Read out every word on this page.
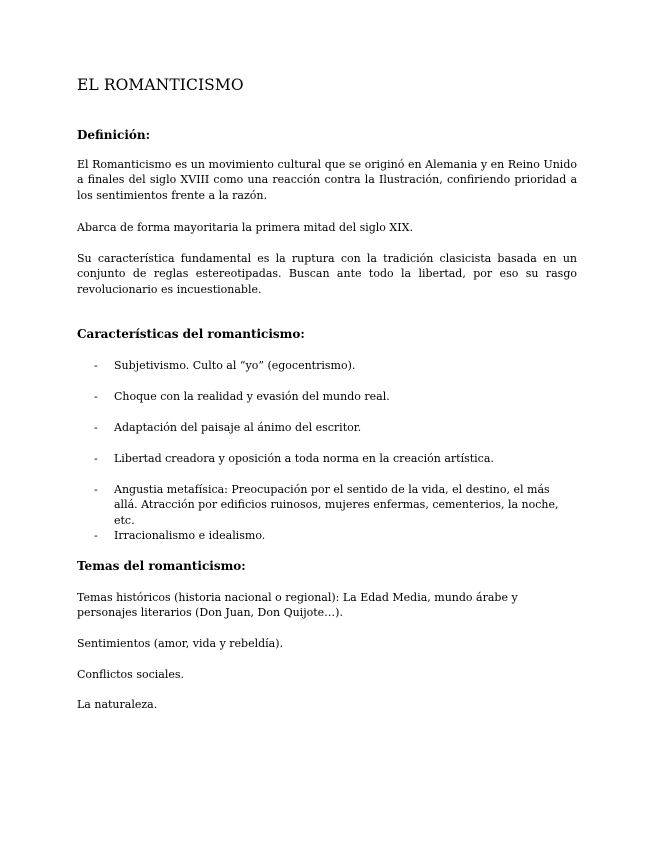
EL ROMANTICISMO
Definición:

El Romanticismo es un movimiento cultural que se originó en Alemania y en Reino Unido a finales del siglo XVIII como una reacción contra la Ilustración, confiriendo prioridad a los sentimientos frente a la razón.

Abarca de forma mayoritaria la primera mitad del siglo XIX.

Su característica fundamental es la ruptura con la tradición clasicista basada en un conjunto de reglas estereotipadas. Buscan ante todo la libertad, por eso su rasgo revolucionario es incuestionable.

Características del romanticismo:
- Subjetivismo. Culto al “yo” (egocentrismo).
- Choque con la realidad y evasión del mundo real.
- Adaptación del paisaje al ánimo del escritor.
- Libertad creadora y oposición a toda norma en la creación artística.
- Angustia metafísica: Preocupación por el sentido de la vida, el destino, el más allá. Atracción por edificios ruinosos, mujeres enfermas, cementerios, la noche, etc.
- Irracionalismo e idealismo.
Temas del romanticismo:

Temas históricos (historia nacional o regional): La Edad Media, mundo árabe y personajes literarios (Don Juan, Don Quijote…).

Sentimientos (amor, vida y rebeldía).

Conflictos sociales.

La naturaleza.
